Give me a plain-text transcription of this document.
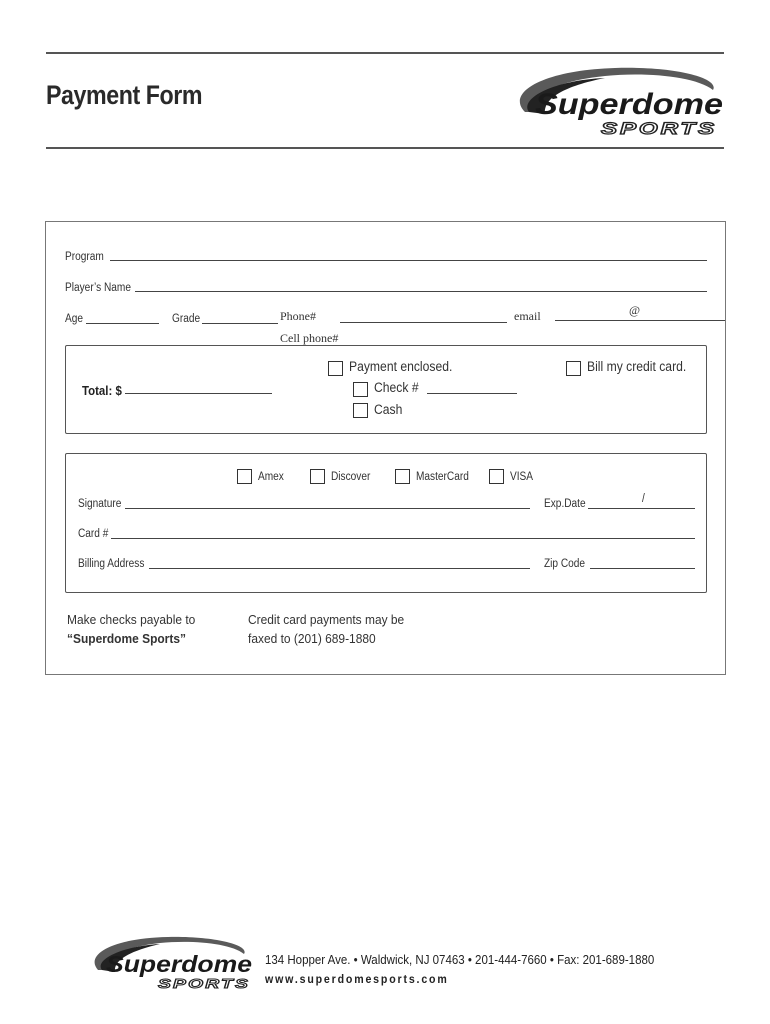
Payment Form	Superdome
SPORTS
Program
Player’s Name
Age	Grade	Phone#	email	@
Cell phone#
Total: $
Payment enclosed.
Check #
Cash
Bill my credit card.
Amex	Discover	MasterCard	VISA
Signature	Exp.Date	/
Card #
Billing Address	Zip Code
Make checks payable to
“Superdome Sports”
Credit card payments may be
faxed to (201) 689-1880
Superdome
SPORTS
134 Hopper Ave. • Waldwick, NJ 07463 • 201-444-7660 • Fax: 201-689-1880
www.superdomesports.com
